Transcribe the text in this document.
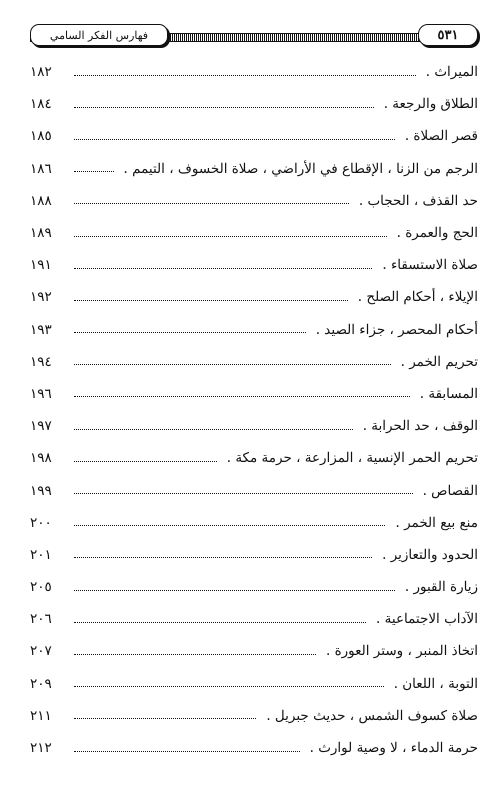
فهارس الفكر السامي	٥٣١
الميراث .
١٨٢
الطلاق والرجعة .
١٨٤
قصر الصلاة .
١٨٥
الرجم من الزنا ، الإقطاع في الأراضي ، صلاة الخسوف ، التيمم .
١٨٦
حد القذف ، الحجاب .
١٨٨
الحج والعمرة .
١٨٩
صلاة الاستسقاء .
١٩١
الإيلاء ، أحكام الصلح .
١٩٢
أحكام المحصر ، جزاء الصيد .
١٩٣
تحريم الخمر .
١٩٤
المسابقة .
١٩٦
الوقف ، حد الحرابة .
١٩٧
تحريم الحمر الإنسية ، المزارعة ، حرمة مكة .
١٩٨
القصاص .
١٩٩
منع بيع الخمر .
٢٠٠
الحدود والتعازير .
٢٠١
زيارة القبور .
٢٠٥
الآداب الاجتماعية .
٢٠٦
اتخاذ المنبر ، وستر العورة .
٢٠٧
التوبة ، اللعان .
٢٠٩
صلاة كسوف الشمس ، حديث جبريل .
٢١١
حرمة الدماء ، لا وصية لوارث .
٢١٢
